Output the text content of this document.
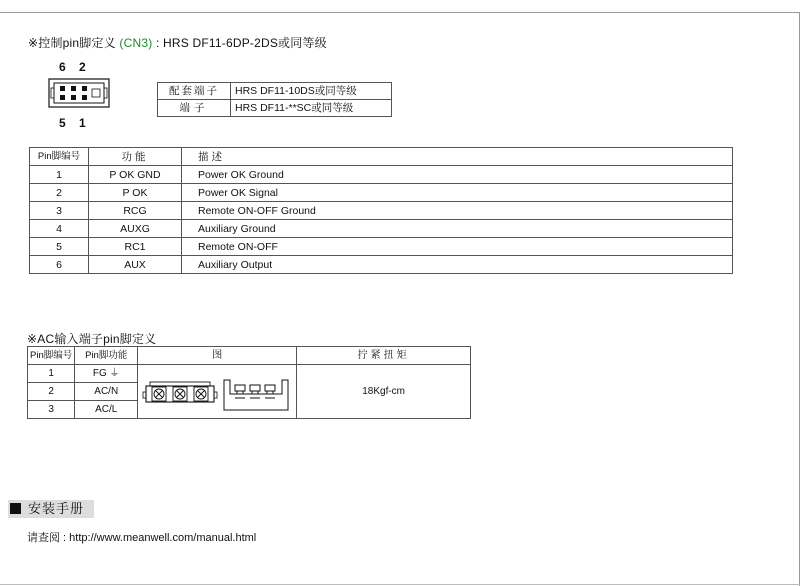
※控制pin脚定义 (CN3) : HRS DF11-6DP-2DS或同等级
6 2
5 1
配套端子	HRS DF11-10DS或同等级
端子	HRS DF11-**SC或同等级
Pin脚编号	功能	描述
1	P OK GND	Power OK Ground
2	P OK	Power OK Signal
3	RCG	Remote ON-OFF Ground
4	AUXG	Auxiliary Ground
5	RC1	Remote ON-OFF
6	AUX	Auxiliary Output
※AC输入端子pin脚定义
Pin脚编号	Pin脚功能	图	拧紧扭矩
1	FG ⏚		18Kgf-cm
2	AC/N		
3	AC/L		
安装手册
请查阅 : http://www.meanwell.com/manual.html
